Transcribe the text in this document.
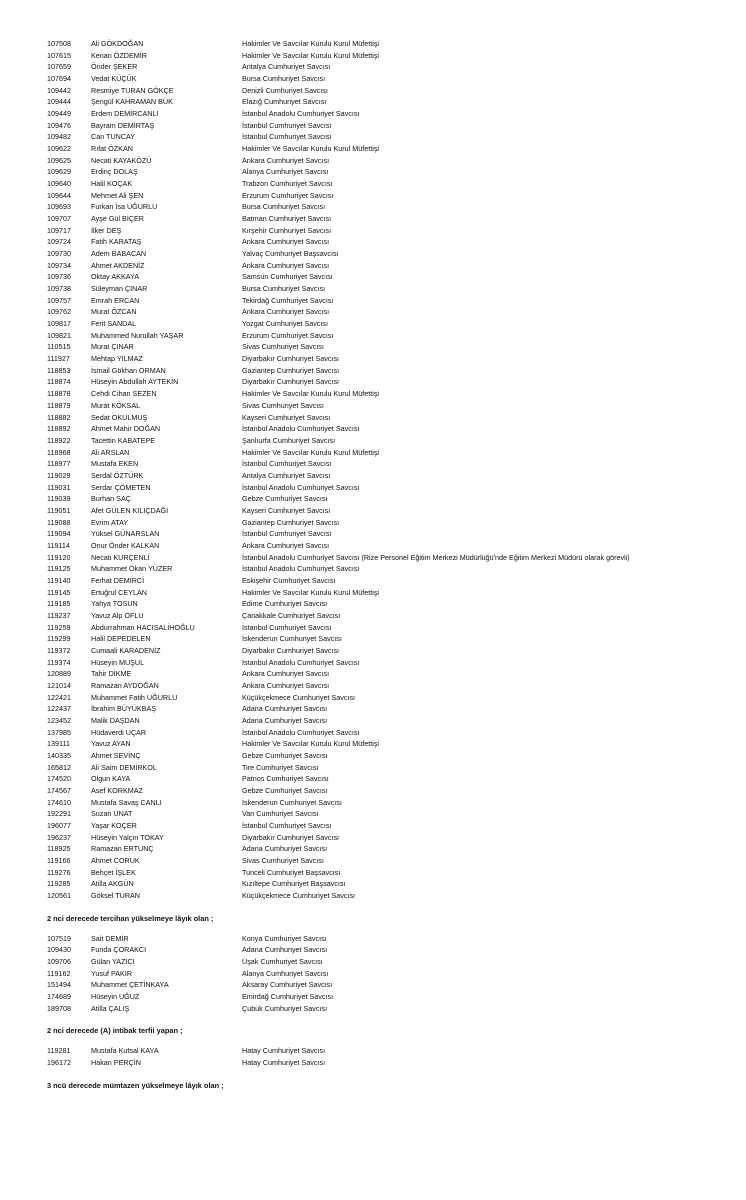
107508	Ali GÖKDOĞAN	Hakimler Ve Savcılar Kurulu Kurul Müfettişi
107615	Kenan ÖZDEMİR	Hakimler Ve Savcılar Kurulu Kurul Müfettişi
107659	Önder ŞEKER	Antalya Cumhuriyet Savcısı
107694	Vedat KÜÇÜK	Bursa Cumhuriyet Savcısı
109442	Resmiye TURAN GÖKÇE	Denizli Cumhuriyet Savcısı
109444	Şengül KAHRAMAN BÜK	Elazığ Cumhuriyet Savcısı
109449	Erdem DEMİRCANLI	İstanbul Anadolu Cumhuriyet Savcısı
109476	Bayram DEMİRTAŞ	İstanbul Cumhuriyet Savcısı
109482	Can TUNCAY	İstanbul Cumhuriyet Savcısı
109622	Rıfat ÖZKAN	Hakimler Ve Savcılar Kurulu Kurul Müfettişi
109625	Necati KAYAKÖZÜ	Ankara Cumhuriyet Savcısı
109629	Erdinç DOLAŞ	Alanya Cumhuriyet Savcısı
109640	Halil KOÇAK	Trabzon Cumhuriyet Savcısı
109644	Mehmet Ali ŞEN	Erzurum Cumhuriyet Savcısı
109693	Furkan İsa UĞURLU	Bursa Cumhuriyet Savcısı
109707	Ayşe Gül BİÇER	Batman Cumhuriyet Savcısı
109717	İlker DEŞ	Kırşehir Cumhuriyet Savcısı
109724	Fatih KARATAŞ	Ankara Cumhuriyet Savcısı
109730	Adem BABACAN	Yalvaç Cumhuriyet Başsavcısı
109734	Ahmet AKDENİZ	Ankara Cumhuriyet Savcısı
109736	Oktay AKKAYA	Samsun Cumhuriyet Savcısı
109738	Süleyman ÇINAR	Bursa Cumhuriyet Savcısı
109757	Emrah ERCAN	Tekirdağ Cumhuriyet Savcısı
109762	Murat ÖZCAN	Ankara Cumhuriyet Savcısı
109817	Ferit SANDAL	Yozgat Cumhuriyet Savcısı
109821	Muhammed Nurullah YAŞAR	Erzurum Cumhuriyet Savcısı
110515	Murat ÇINAR	Sivas Cumhuriyet Savcısı
111927	Mehtap YILMAZ	Diyarbakır Cumhuriyet Savcısı
118853	İsmail Gökhan ORMAN	Gaziantep Cumhuriyet Savcısı
118874	Hüseyin Abdullah AYTEKİN	Diyarbakır Cumhuriyet Savcısı
118878	Cehdi Cihan SEZEN	Hakimler Ve Savcılar Kurulu Kurul Müfettişi
118879	Murat KÖKSAL	Sivas Cumhuriyet Savcısı
118882	Sedat OKULMUŞ	Kayseri Cumhuriyet Savcısı
118892	Ahmet Mahir DOĞAN	İstanbul Anadolu Cumhuriyet Savcısı
118922	Tacettin KABATEPE	Şanlıurfa Cumhuriyet Savcısı
118968	Ali ARSLAN	Hakimler Ve Savcılar Kurulu Kurul Müfettişi
118977	Mustafa EKEN	İstanbul Cumhuriyet Savcısı
119029	Serdal ÖZTÜRK	Antalya Cumhuriyet Savcısı
119031	Serdar ÇÖMETEN	İstanbul Anadolu Cumhuriyet Savcısı
119039	Burhan SAÇ	Gebze Cumhuriyet Savcısı
119051	Afet GÜLEN KILIÇDAĞI	Kayseri Cumhuriyet Savcısı
119088	Evrim ATAY	Gaziantep Cumhuriyet Savcısı
119094	Yüksel GÜNARSLAN	İstanbul Cumhuriyet Savcısı
119114	Onur Önder KALKAN	Ankara Cumhuriyet Savcısı
119120	Necati KURÇENLİ	İstanbul Anadolu Cumhuriyet Savcısı (Rize Personel Eğitim Merkezi Müdürlüğü'nde Eğitim Merkezi Müdürü olarak görevli)
119125	Muhammet Okan YÜZER	İstanbul Anadolu Cumhuriyet Savcısı
119140	Ferhat DEMİRCİ	Eskişehir Cumhuriyet Savcısı
119145	Ertuğrul CEYLAN	Hakimler Ve Savcılar Kurulu Kurul Müfettişi
119185	Yahya TOSUN	Edirne Cumhuriyet Savcısı
119237	Yavuz Alp OFLU	Çanakkale Cumhuriyet Savcısı
119259	Abdurrahman HACISALİHOĞLU	İstanbul Cumhuriyet Savcısı
119299	Halil DEPEDELEN	İskenderun Cumhuriyet Savcısı
119372	Cumaali KARADENİZ	Diyarbakır Cumhuriyet Savcısı
119374	Hüseyin MUŞUL	İstanbul Anadolu Cumhuriyet Savcısı
120889	Tahir DİKME	Ankara Cumhuriyet Savcısı
121014	Ramazan AYDOĞAN	Ankara Cumhuriyet Savcısı
122421	Muhammet Fatih UĞURLU	Küçükçekmece Cumhuriyet Savcısı
122437	İbrahim BÜYÜKBAŞ	Adana Cumhuriyet Savcısı
123452	Malik DAŞDAN	Adana Cumhuriyet Savcısı
137985	Hüdaverdi UÇAR	İstanbul Anadolu Cumhuriyet Savcısı
139111	Yavuz AYAN	Hakimler Ve Savcılar Kurulu Kurul Müfettişi
140335	Ahmet SEVİNÇ	Gebze Cumhuriyet Savcısı
165812	Ali Saim DEMİRKOL	Tire Cumhuriyet Savcısı
174520	Olgun KAYA	Patnos Cumhuriyet Savcısı
174567	Asef KORKMAZ	Gebze Cumhuriyet Savcısı
174610	Mustafa Savaş CANLI	İskenderun Cumhuriyet Savcısı
192291	Suzan UNAT	Van Cumhuriyet Savcısı
196077	Yaşar KOÇER	İstanbul Cumhuriyet Savcısı
196237	Hüseyin Yalçın TOKAY	Diyarbakır Cumhuriyet Savcısı
118925	Ramazan ERTUNÇ	Adana Cumhuriyet Savcısı
119166	Ahmet CORUK	Sivas Cumhuriyet Savcısı
119276	Behçet İŞLEK	Tunceli Cumhuriyet Başsavcısı
119285	Atilla AKGÜN	Kızıltepe Cumhuriyet Başsavcısı
120561	Göksel TURAN	Küçükçekmece Cumhuriyet Savcısı
2 nci derecede tercihan yükselmeye lâyık olan ;
107519	Sait DEMİR	Konya Cumhuriyet Savcısı
109430	Funda ÇORAKCI	Adana Cumhuriyet Savcısı
109706	Gülan YAZICI	Uşak Cumhuriyet Savcısı
119162	Yusuf PAKIR	Alanya Cumhuriyet Savcısı
151494	Muhammet ÇETİNKAYA	Aksaray Cumhuriyet Savcısı
174689	Hüseyin UĞUZ	Emirdağ Cumhuriyet Savcısı
189708	Atilla ÇALIŞ	Çubuk Cumhuriyet Savcısı
2 nci derecede (A) intibak terfii yapan ;
119281	Mustafa Kutsal KAYA	Hatay Cumhuriyet Savcısı
196172	Hakan PERÇİN	Hatay Cumhuriyet Savcısı
3 ncü derecede mümtazen yükselmeye lâyık olan ;
